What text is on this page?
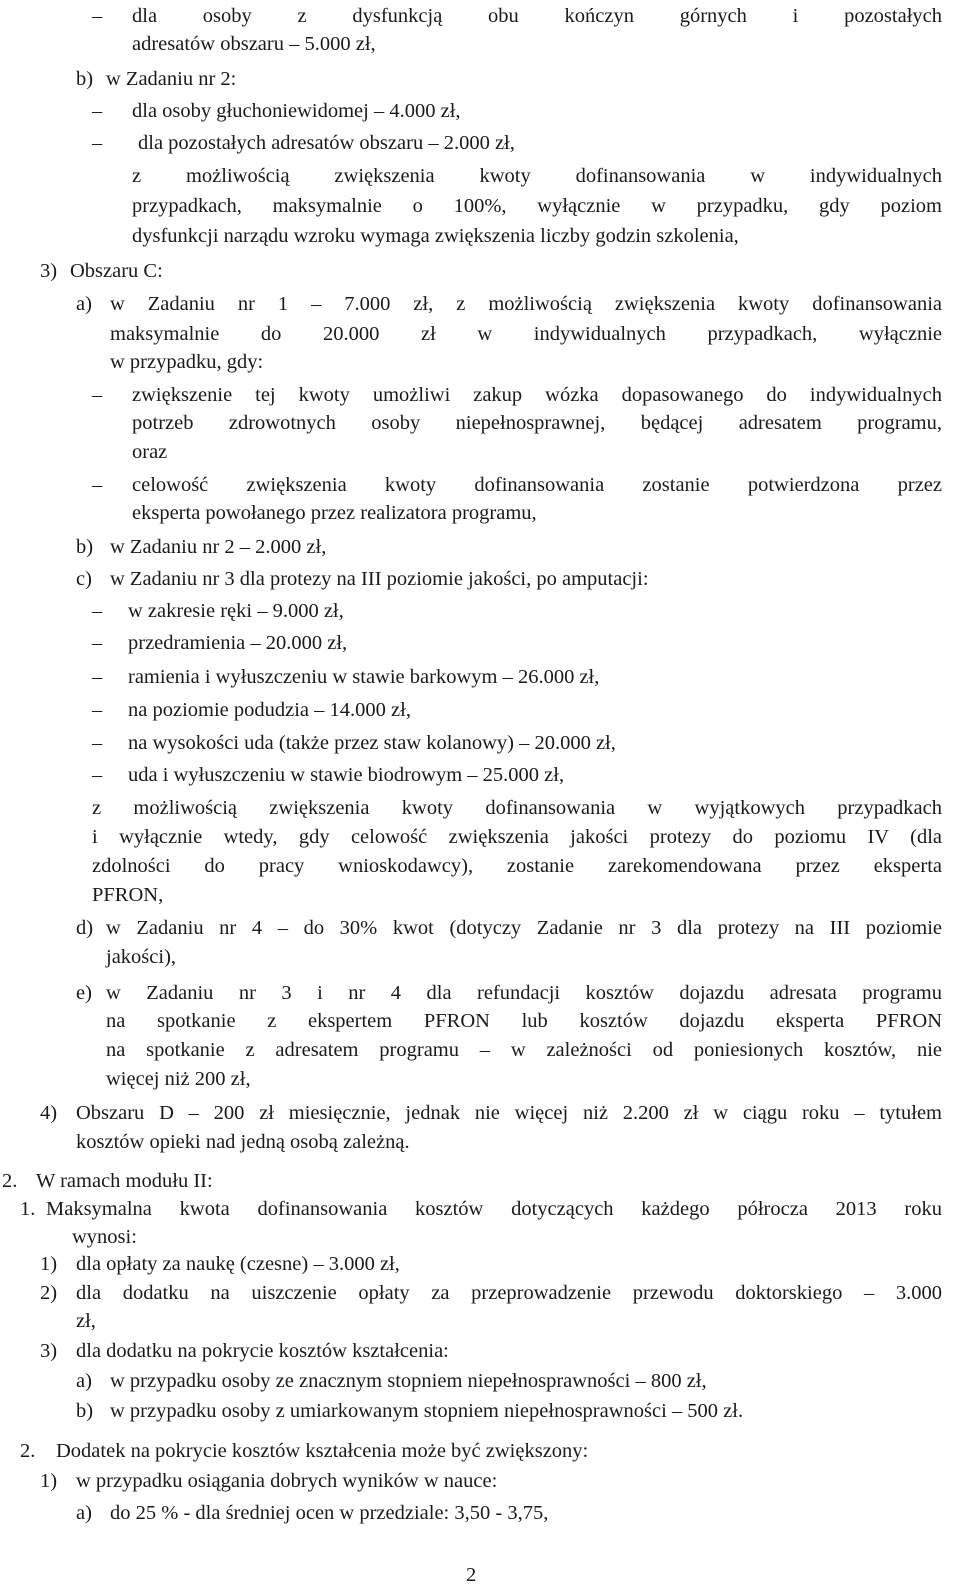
– dla osoby z dysfunkcją obu kończyn górnych i pozostałych
adresatów obszaru – 5.000 zł,
b) w Zadaniu nr 2:
– dla osoby głuchoniewidomej – 4.000 zł,
– dla pozostałych adresatów obszaru – 2.000 zł,
z możliwością zwiększenia kwoty dofinansowania w indywidualnych
przypadkach, maksymalnie o 100%, wyłącznie w przypadku, gdy poziom
dysfunkcji narządu wzroku wymaga zwiększenia liczby godzin szkolenia,
3) Obszaru C:
a) w Zadaniu nr 1 – 7.000 zł, z możliwością zwiększenia kwoty dofinansowania
maksymalnie do 20.000 zł w indywidualnych przypadkach, wyłącznie
w przypadku, gdy:
– zwiększenie tej kwoty umożliwi zakup wózka dopasowanego do indywidualnych
potrzeb zdrowotnych osoby niepełnosprawnej, będącej adresatem programu,
oraz
– celowość zwiększenia kwoty dofinansowania zostanie potwierdzona przez
eksperta powołanego przez realizatora programu,
b) w Zadaniu nr 2 – 2.000 zł,
c) w Zadaniu nr 3 dla protezy na III poziomie jakości, po amputacji:
– w zakresie ręki – 9.000 zł,
– przedramienia – 20.000 zł,
– ramienia i wyłuszczeniu w stawie barkowym – 26.000 zł,
– na poziomie podudzia – 14.000 zł,
– na wysokości uda (także przez staw kolanowy) – 20.000 zł,
– uda i wyłuszczeniu w stawie biodrowym – 25.000 zł,
z możliwością zwiększenia kwoty dofinansowania w wyjątkowych przypadkach
i wyłącznie wtedy, gdy celowość zwiększenia jakości protezy do poziomu IV (dla
zdolności do pracy wnioskodawcy), zostanie zarekomendowana przez eksperta
PFRON,
d) w Zadaniu nr 4 – do 30% kwot (dotyczy Zadanie nr 3 dla protezy na III poziomie
jakości),
e) w Zadaniu nr 3 i nr 4 dla refundacji kosztów dojazdu adresata programu
na spotkanie z ekspertem PFRON lub kosztów dojazdu eksperta PFRON
na spotkanie z adresatem programu – w zależności od poniesionych kosztów, nie
więcej niż 200 zł,
4) Obszaru D – 200 zł miesięcznie, jednak nie więcej niż 2.200 zł w ciągu roku – tytułem
kosztów opieki nad jedną osobą zależną.
2. W ramach modułu II:
1. Maksymalna kwota dofinansowania kosztów dotyczących każdego półrocza 2013 roku
wynosi:
1) dla opłaty za naukę (czesne) – 3.000 zł,
2) dla dodatku na uiszczenie opłaty za przeprowadzenie przewodu doktorskiego – 3.000
zł,
3) dla dodatku na pokrycie kosztów kształcenia:
a) w przypadku osoby ze znacznym stopniem niepełnosprawności – 800 zł,
b) w przypadku osoby z umiarkowanym stopniem niepełnosprawności – 500 zł.
2. Dodatek na pokrycie kosztów kształcenia może być zwiększony:
1) w przypadku osiągania dobrych wyników w nauce:
a) do 25 % - dla średniej ocen w przedziale: 3,50 - 3,75,
2
